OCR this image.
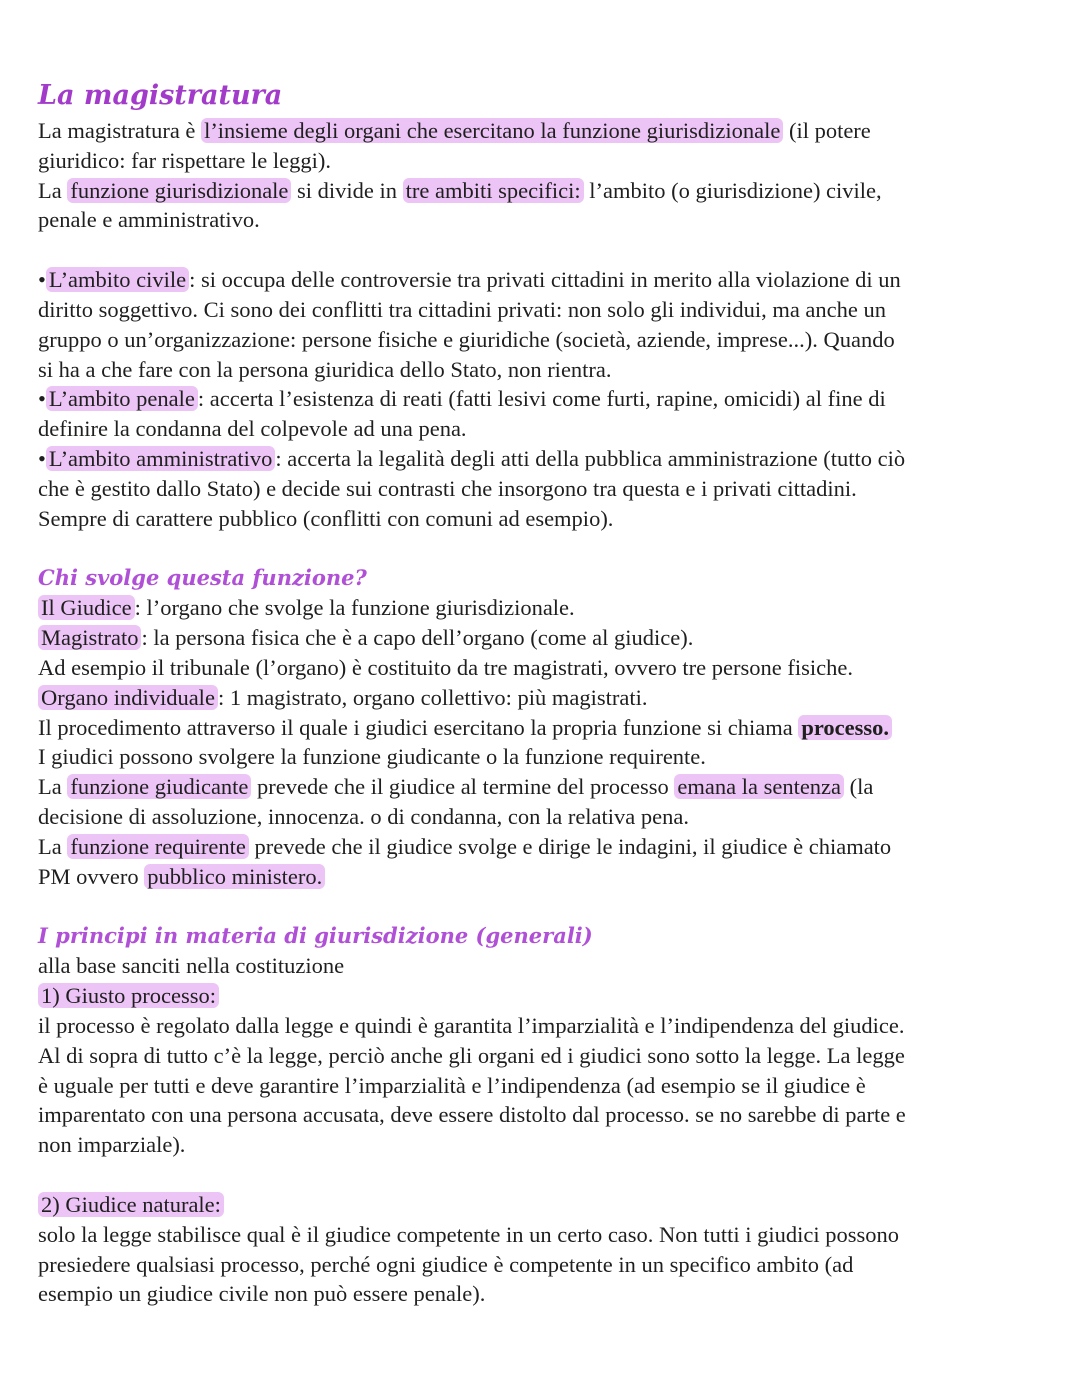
La magistratura

La magistratura è l’insieme degli organi che esercitano la funzione giurisdizionale (il potere

giuridico: far rispettare le leggi).

La funzione giurisdizionale si divide in tre ambiti specifici: l’ambito (o giurisdizione) civile,

penale e amministrativo.

• L’ambito civile : si occupa delle controversie tra privati cittadini in merito alla violazione di un

diritto soggettivo. Ci sono dei conflitti tra cittadini privati: non solo gli individui, ma anche un

gruppo o un’organizzazione: persone fisiche e giuridiche (società, aziende, imprese...). Quando

si ha a che fare con la persona giuridica dello Stato, non rientra.

• L’ambito penale : accerta l’esistenza di reati (fatti lesivi come furti, rapine, omicidi) al fine di

definire la condanna del colpevole ad una pena.

• L’ambito amministrativo : accerta la legalità degli atti della pubblica amministrazione (tutto ciò

che è gestito dallo Stato) e decide sui contrasti che insorgono tra questa e i privati cittadini.

Sempre di carattere pubblico (conflitti con comuni ad esempio).

Chi svolge questa funzione?

Il Giudice : l’organo che svolge la funzione giurisdizionale.

Magistrato : la persona fisica che è a capo dell’organo (come al giudice).

Ad esempio il tribunale (l’organo) è costituito da tre magistrati, ovvero tre persone fisiche.

Organo individuale : 1 magistrato, organo collettivo: più magistrati.

Il procedimento attraverso il quale i giudici esercitano la propria funzione si chiama processo.

I giudici possono svolgere la funzione giudicante o la funzione requirente.

La funzione giudicante prevede che il giudice al termine del processo emana la sentenza (la

decisione di assoluzione, innocenza. o di condanna, con la relativa pena.

La funzione requirente prevede che il giudice svolge e dirige le indagini, il giudice è chiamato

PM ovvero pubblico ministero.

I principi in materia di giurisdizione (generali)

alla base sanciti nella costituzione

1) Giusto processo:

il processo è regolato dalla legge e quindi è garantita l’imparzialità e l’indipendenza del giudice.

Al di sopra di tutto c’è la legge, perciò anche gli organi ed i giudici sono sotto la legge. La legge

è uguale per tutti e deve garantire l’imparzialità e l’indipendenza (ad esempio se il giudice è

imparentato con una persona accusata, deve essere distolto dal processo. se no sarebbe di parte e

non imparziale).

2) Giudice naturale:

solo la legge stabilisce qual è il giudice competente in un certo caso. Non tutti i giudici possono

presiedere qualsiasi processo, perché ogni giudice è competente in un specifico ambito (ad

esempio un giudice civile non può essere penale).
